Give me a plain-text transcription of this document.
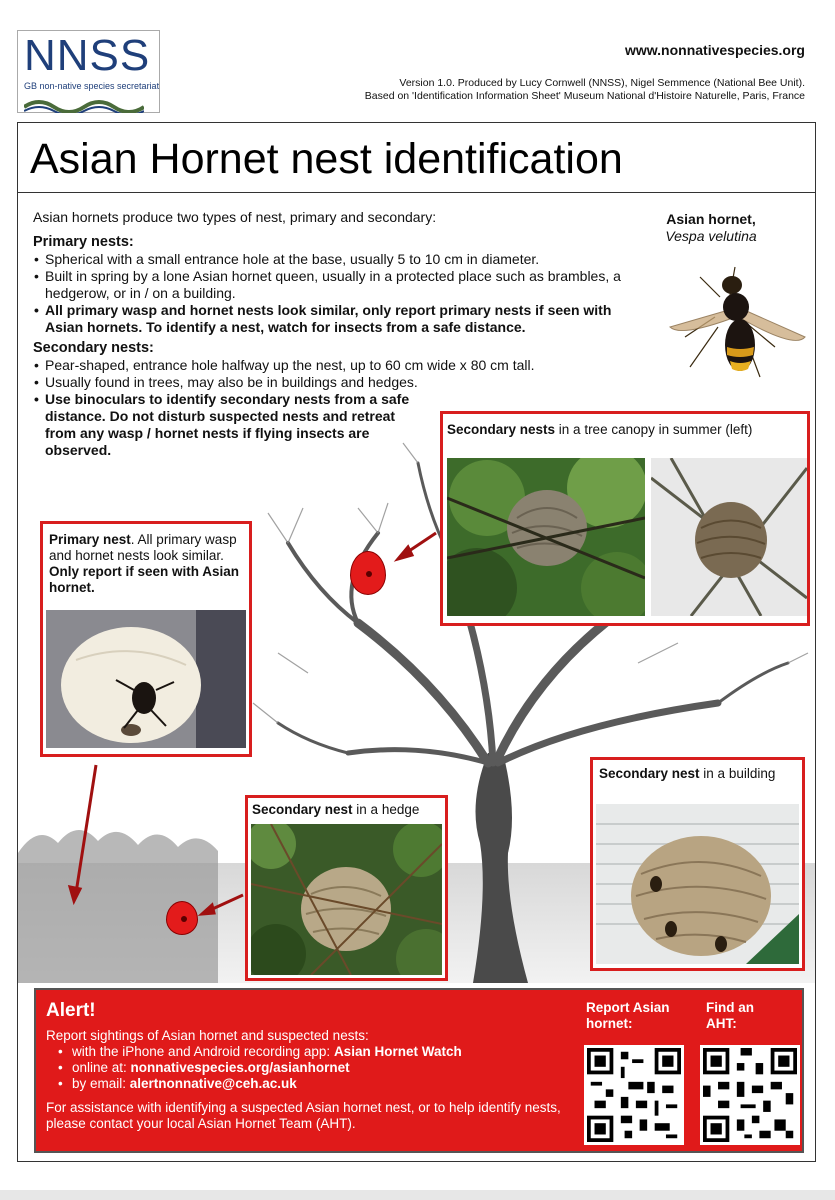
NNSS
GB non-native species secretariat
www.nonnativespecies.org
Version 1.0. Produced by Lucy Cornwell (NNSS), Nigel Semmence (National Bee Unit).
Based on 'Identification Information Sheet' Museum National d'Histoire Naturelle, Paris, France
Asian Hornet nest identification

Asian hornets produce two types of nest, primary and secondary:

Primary nests:
• Spherical with a small entrance hole at the base, usually 5 to 10 cm in diameter.
• Built in spring by a lone Asian hornet queen, usually in a protected place such as brambles, a hedgerow, or in / on a building.
• All primary wasp and hornet nests look similar, only report primary nests if seen with Asian hornets. To identify a nest, watch for insects from a safe distance.
Secondary nests:
• Pear-shaped, entrance hole halfway up the nest, up to 60 cm wide x 80 cm tall.
• Usually found in trees, may also be in buildings and hedges.
• Use binoculars to identify secondary nests from a safe distance. Do not disturb suspected nests and retreat from any wasp / hornet nests if flying insects are observed.
Asian hornet,
Vespa velutina
Secondary nests in a tree canopy in summer (left)
Primary nest. All primary wasp and hornet nests look similar. Only report if seen with Asian hornet.
Secondary nest in a hedge
Secondary nest in a building
Alert!
Report sightings of Asian hornet and suspected nests:
• with the iPhone and Android recording app: Asian Hornet Watch
• online at: nonnativespecies.org/asianhornet
• by email: alertnonnative@ceh.ac.uk
For assistance with identifying a suspected Asian hornet nest, or to help identify nests, please contact your local Asian Hornet Team (AHT).
Report Asian hornet:
Find an AHT:
